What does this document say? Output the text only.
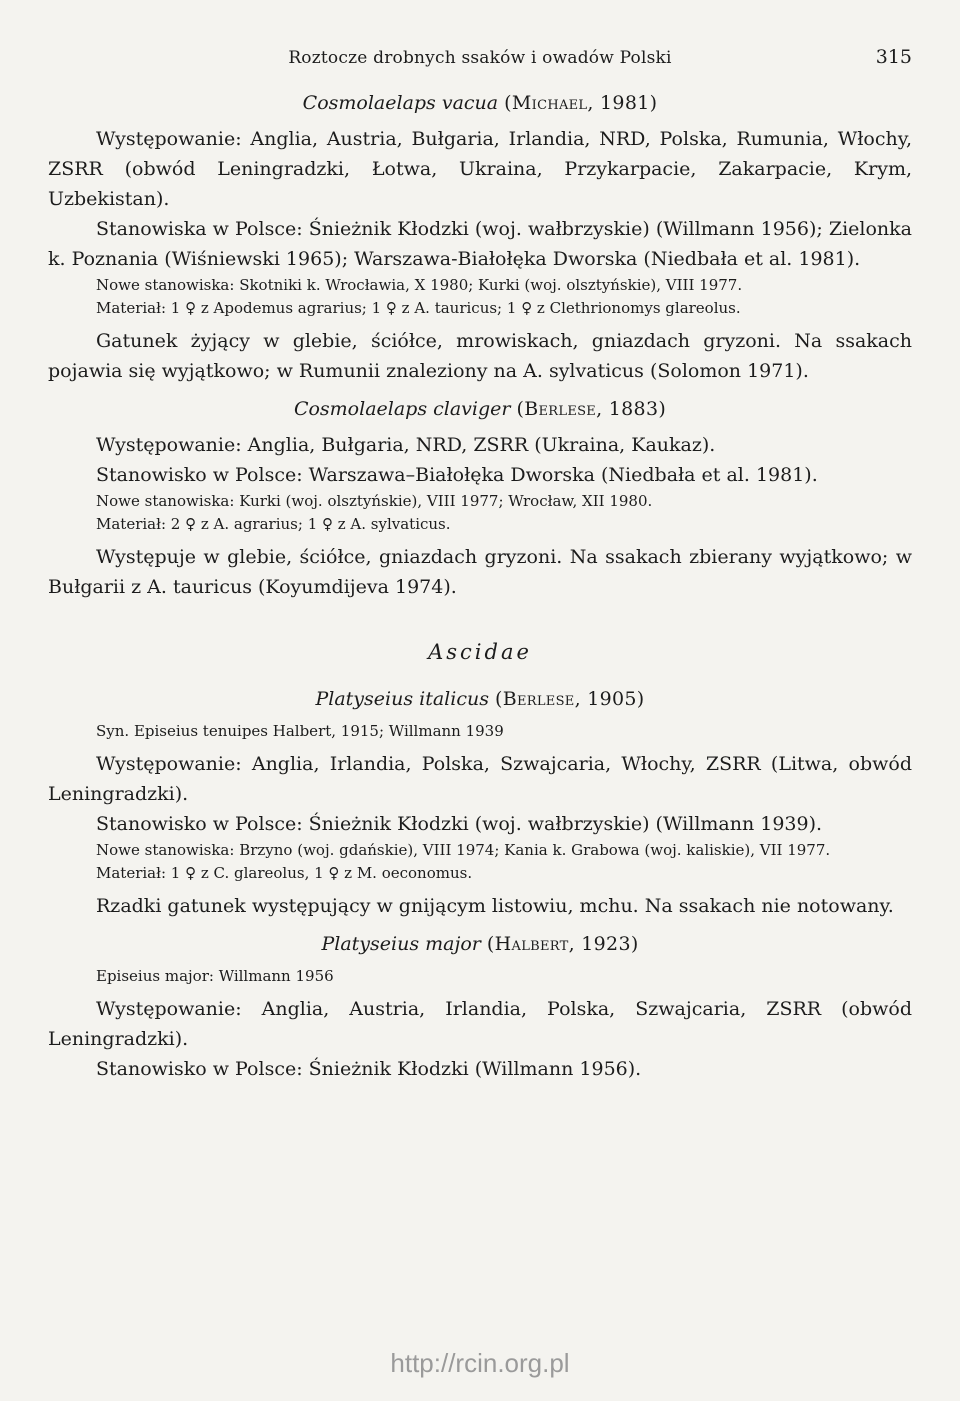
Roztocze drobnych ssaków i owadów Polski	315
Cosmolaelaps vacua (Michael, 1981)

Występowanie: Anglia, Austria, Bułgaria, Irlandia, NRD, Polska, Rumunia, Włochy, ZSRR (obwód Leningradzki, Łotwa, Ukraina, Przykarpacie, Zakarpacie, Krym, Uzbekistan).

Stanowiska w Polsce: Śnieżnik Kłodzki (woj. wałbrzyskie) (Willmann 1956); Zielonka k. Poznania (Wiśniewski 1965); Warszawa-Białołęka Dworska (Niedbała et al. 1981).

Nowe stanowiska: Skotniki k. Wrocławia, X 1980; Kurki (woj. olsztyńskie), VIII 1977.

Materiał: 1 ♀ z Apodemus agrarius; 1 ♀ z A. tauricus; 1 ♀ z Clethrionomys glareolus.

Gatunek żyjący w glebie, ściółce, mrowiskach, gniazdach gryzoni. Na ssakach pojawia się wyjątkowo; w Rumunii znaleziony na A. sylvaticus (Solomon 1971).

Cosmolaelaps claviger (Berlese, 1883)

Występowanie: Anglia, Bułgaria, NRD, ZSRR (Ukraina, Kaukaz).

Stanowisko w Polsce: Warszawa–Białołęka Dworska (Niedbała et al. 1981).

Nowe stanowiska: Kurki (woj. olsztyńskie), VIII 1977; Wrocław, XII 1980.

Materiał: 2 ♀ z A. agrarius; 1 ♀ z A. sylvaticus.

Występuje w glebie, ściółce, gniazdach gryzoni. Na ssakach zbierany wyjątkowo; w Bułgarii z A. tauricus (Koyumdijeva 1974).

Ascidae
Platyseius italicus (Berlese, 1905)

Syn. Episeius tenuipes Halbert, 1915; Willmann 1939

Występowanie: Anglia, Irlandia, Polska, Szwajcaria, Włochy, ZSRR (Litwa, obwód Leningradzki).

Stanowisko w Polsce: Śnieżnik Kłodzki (woj. wałbrzyskie) (Willmann 1939).

Nowe stanowiska: Brzyno (woj. gdańskie), VIII 1974; Kania k. Grabowa (woj. kaliskie), VII 1977.

Materiał: 1 ♀ z C. glareolus, 1 ♀ z M. oeconomus.

Rzadki gatunek występujący w gnijącym listowiu, mchu. Na ssakach nie notowany.

Platyseius major (Halbert, 1923)

Episeius major: Willmann 1956

Występowanie: Anglia, Austria, Irlandia, Polska, Szwajcaria, ZSRR (obwód Leningradzki).

Stanowisko w Polsce: Śnieżnik Kłodzki (Willmann 1956).

http://rcin.org.pl
